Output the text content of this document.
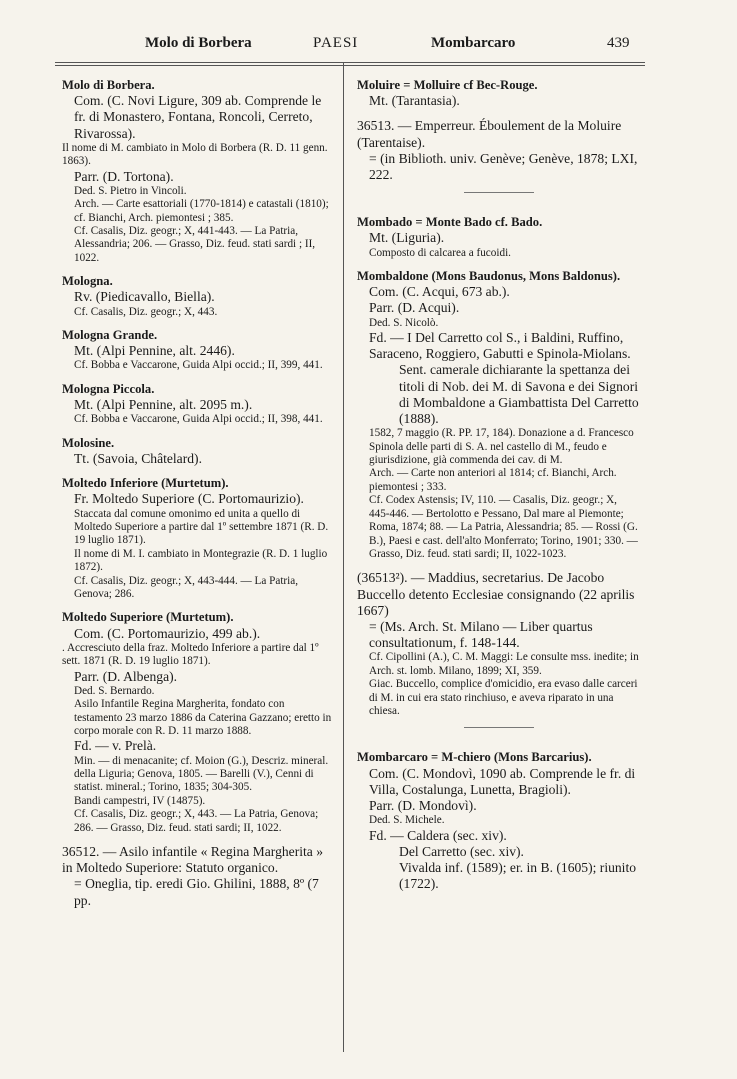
Molo di Borbera	PAESI	Mombarcaro	439
Molo di Borbera.
Com. (C. Novi Ligure, 309 ab. Comprende le fr. di Monastero, Fontana, Roncoli, Cerreto, Rivarossa).
Il nome di M. cambiato in Molo di Borbera (R. D. 11 genn. 1863).
Parr. (D. Tortona).
Ded. S. Pietro in Vincoli.
Arch. — Carte esattoriali (1770-1814) e catastali (1810); cf. Bianchi, Arch. piemontesi ; 385.
Cf. Casalis, Diz. geogr.; X, 441-443. — La Patria, Alessandria; 206. — Grasso, Diz. feud. stati sardi ; II, 1022.
Mologna.
Rv. (Piedicavallo, Biella).
Cf. Casalis, Diz. geogr.; X, 443.
Mologna Grande.
Mt. (Alpi Pennine, alt. 2446).
Cf. Bobba e Vaccarone, Guida Alpi occid.; II, 399, 441.
Mologna Piccola.
Mt. (Alpi Pennine, alt. 2095 m.).
Cf. Bobba e Vaccarone, Guida Alpi occid.; II, 398, 441.
Molosine.
Tt. (Savoia, Châtelard).
Moltedo Inferiore (Murtetum).
Fr. Moltedo Superiore (C. Portomaurizio).
Staccata dal comune omonimo ed unita a quello di Moltedo Superiore a partire dal 1º settembre 1871 (R. D. 19 luglio 1871).
Il nome di M. I. cambiato in Montegrazie (R. D. 1 luglio 1872).
Cf. Casalis, Diz. geogr.; X, 443-444. — La Patria, Genova; 286.
Moltedo Superiore (Murtetum).
Com. (C. Portomaurizio, 499 ab.).
. Accresciuto della fraz. Moltedo Inferiore a partire dal 1º sett. 1871 (R. D. 19 luglio 1871).
Parr. (D. Albenga).
Ded. S. Bernardo.
Asilo Infantile Regina Margherita, fondato con testamento 23 marzo 1886 da Caterina Gazzano; eretto in corpo morale con R. D. 11 marzo 1888.
Fd. — v. Prelà.
Min. — di menacanite; cf. Moion (G.), Descriz. mineral. della Liguria; Genova, 1805. — Barelli (V.), Cenni di statist. mineral.; Torino, 1835; 304-305.
Bandi campestri, IV (14875).
Cf. Casalis, Diz. geogr.; X, 443. — La Patria, Genova; 286. — Grasso, Diz. feud. stati sardi; II, 1022.
36512. — Asilo infantile « Regina Margherita » in Moltedo Superiore: Statuto organico.
= Oneglia, tip. eredi Gio. Ghilini, 1888, 8º (7 pp.
Moluire = Molluire cf Bec-Rouge.
Mt. (Tarantasia).
36513. — Emperreur. Éboulement de la Moluire (Tarentaise).
= (in Biblioth. univ. Genève; Genève, 1878; LXI, 222.
Mombado = Monte Bado cf. Bado.
Mt. (Liguria).
Composto di calcarea a fucoidi.
Mombaldone (Mons Baudonus, Mons Baldonus).
Com. (C. Acqui, 673 ab.).
Parr. (D. Acqui).
Ded. S. Nicolò.
Fd. — I Del Carretto col S., i Baldini, Ruffino, Saraceno, Roggiero, Gabutti e Spinola-Miolans.
Sent. camerale dichiarante la spettanza dei titoli di Nob. dei M. di Savona e dei Signori di Mombaldone a Giambattista Del Carretto (1888).
1582, 7 maggio (R. PP. 17, 184). Donazione a d. Francesco Spinola delle parti di S. A. nel castello di M., feudo e giurisdizione, già commenda dei cav. di M.
Arch. — Carte non anteriori al 1814; cf. Bianchi, Arch. piemontesi ; 333.
Cf. Codex Astensis; IV, 110. — Casalis, Diz. geogr.; X, 445-446. — Bertolotto e Pessano, Dal mare al Piemonte; Roma, 1874; 88. — La Patria, Alessandria; 85. — Rossi (G. B.), Paesi e cast. dell'alto Monferrato; Torino, 1901; 330. — Grasso, Diz. feud. stati sardi; II, 1022-1023.
(36513²). — Maddius, secretarius. De Jacobo Buccello detento Ecclesiae consignando (22 aprilis 1667)
= (Ms. Arch. St. Milano — Liber quartus consultationum, f. 148-144.
Cf. Cipollini (A.), C. M. Maggi: Le consulte mss. inedite; in Arch. st. lomb. Milano, 1899; XI, 359.
Giac. Buccello, complice d'omicidio, era evaso dalle carceri di M. in cui era stato rinchiuso, e aveva riparato in una chiesa.
Mombarcaro = M-chiero (Mons Barcarius).
Com. (C. Mondovì, 1090 ab. Comprende le fr. di Villa, Costalunga, Lunetta, Bragioli).
Parr. (D. Mondovì).
Ded. S. Michele.
Fd. — Caldera (sec. xiv).
Del Carretto (sec. xiv).
Vivalda inf. (1589); er. in B. (1605); riunito (1722).
